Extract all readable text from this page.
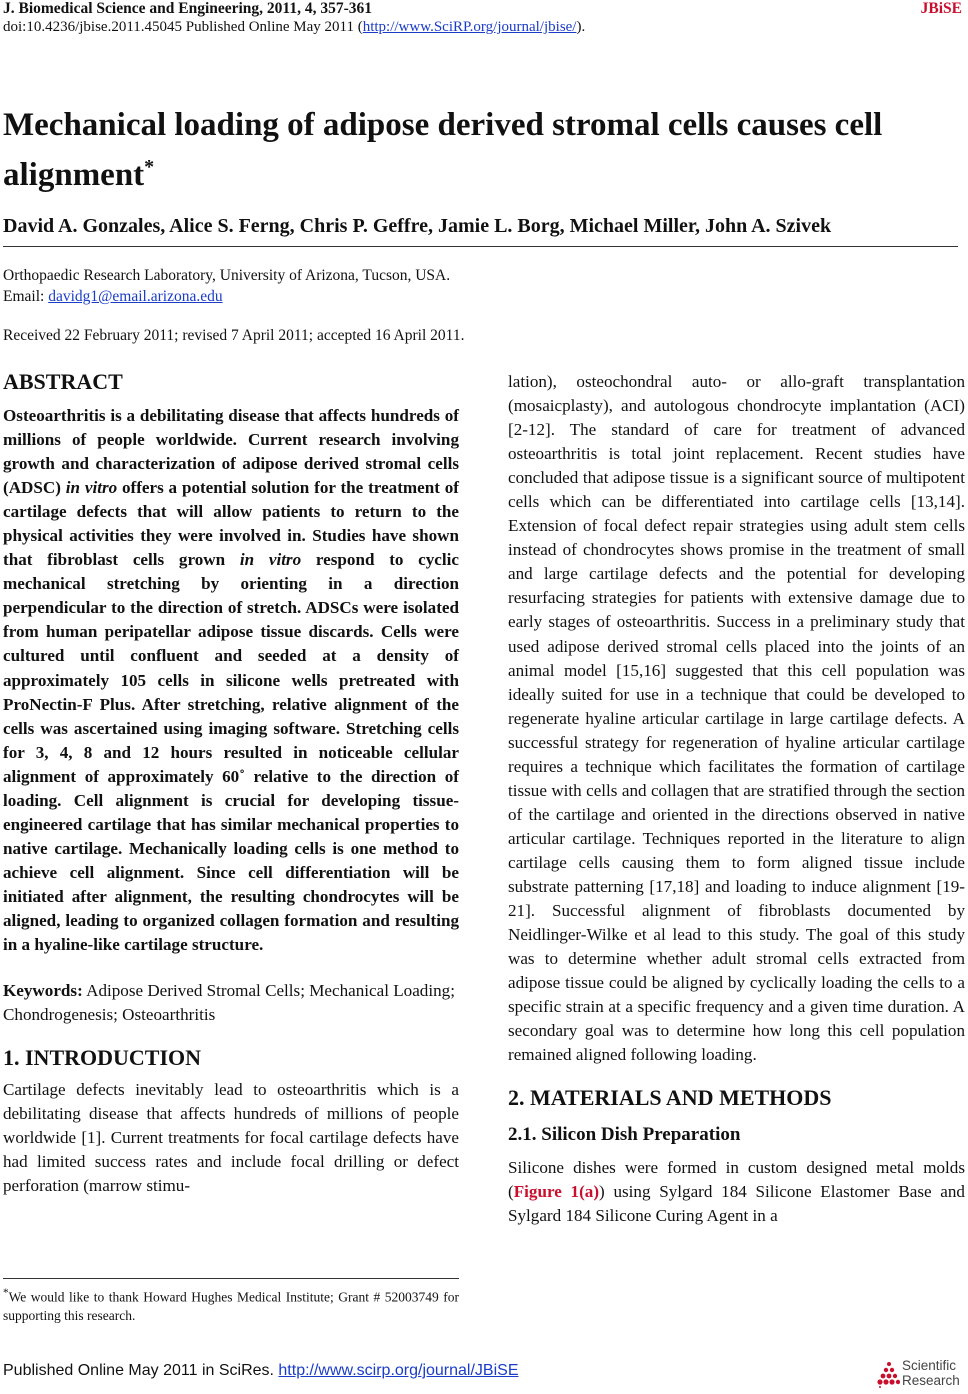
J. Biomedical Science and Engineering, 2011, 4, 357-361	JBiSE
doi:10.4236/jbise.2011.45045 Published Online May 2011 (http://www.SciRP.org/journal/jbise/).
Mechanical loading of adipose derived stromal cells causes cell alignment*
David A. Gonzales, Alice S. Ferng, Chris P. Geffre, Jamie L. Borg, Michael Miller, John A. Szivek
Orthopaedic Research Laboratory, University of Arizona, Tucson, USA.
Email: davidg1@email.arizona.edu
Received 22 February 2011; revised 7 April 2011; accepted 16 April 2011.
ABSTRACT

Osteoarthritis is a debilitating disease that affects hundreds of millions of people worldwide. Current research involving growth and characterization of adipose derived stromal cells (ADSC) in vitro offers a potential solution for the treatment of cartilage defects that will allow patients to return to the physical activities they were involved in. Studies have shown that fibroblast cells grown in vitro respond to cyclic mechanical stretching by orienting in a direction perpendicular to the direction of stretch. ADSCs were isolated from human peripatellar adipose tissue discards. Cells were cultured until confluent and seeded at a density of approximately 105 cells in silicone wells pretreated with ProNectin-F Plus. After stretching, relative alignment of the cells was ascertained using imaging software. Stretching cells for 3, 4, 8 and 12 hours resulted in noticeable cellular alignment of approximately 60˚ relative to the direction of loading. Cell alignment is crucial for developing tissue-engineered cartilage that has similar mechanical properties to native cartilage. Mechanically loading cells is one method to achieve cell alignment. Since cell differentiation will be initiated after alignment, the resulting chondrocytes will be aligned, leading to organized collagen formation and resulting in a hyaline-like cartilage structure.

Keywords: Adipose Derived Stromal Cells; Mechanical Loading; Chondrogenesis; Osteoarthritis

1. INTRODUCTION

Cartilage defects inevitably lead to osteoarthritis which is a debilitating disease that affects hundreds of millions of people worldwide [1]. Current treatments for focal cartilage defects have had limited success rates and include focal drilling or defect perforation (marrow stimu-

*We would like to thank Howard Hughes Medical Institute; Grant # 52003749 for supporting this research.

lation), osteochondral auto- or allo-graft transplantation (mosaicplasty), and autologous chondrocyte implantation (ACI) [2-12]. The standard of care for treatment of advanced osteoarthritis is total joint replacement. Recent studies have concluded that adipose tissue is a significant source of multipotent cells which can be differentiated into cartilage cells [13,14]. Extension of focal defect repair strategies using adult stem cells instead of chondrocytes shows promise in the treatment of small and large cartilage defects and the potential for developing resurfacing strategies for patients with extensive damage due to early stages of osteoarthritis. Success in a preliminary study that used adipose derived stromal cells placed into the joints of an animal model [15,16] suggested that this cell population was ideally suited for use in a technique that could be developed to regenerate hyaline articular cartilage in large cartilage defects. A successful strategy for regeneration of hyaline articular cartilage requires a technique which facilitates the formation of cartilage tissue with cells and collagen that are stratified through the section of the cartilage and oriented in the directions observed in native articular cartilage. Techniques reported in the literature to align cartilage cells causing them to form aligned tissue include substrate patterning [17,18] and loading to induce alignment [19-21]. Successful alignment of fibroblasts documented by Neidlinger-Wilke et al lead to this study. The goal of this study was to determine whether adult stromal cells extracted from adipose tissue could be aligned by cyclically loading the cells to a specific strain at a specific frequency and a given time duration. A secondary goal was to determine how long this cell population remained aligned following loading.

2. MATERIALS AND METHODS
2.1. Silicon Dish Preparation

Silicone dishes were formed in custom designed metal molds (Figure 1(a)) using Sylgard 184 Silicone Elastomer Base and Sylgard 184 Silicone Curing Agent in a

Published Online May 2011 in SciRes. http://www.scirp.org/journal/JBiSE	Scientific
Research
